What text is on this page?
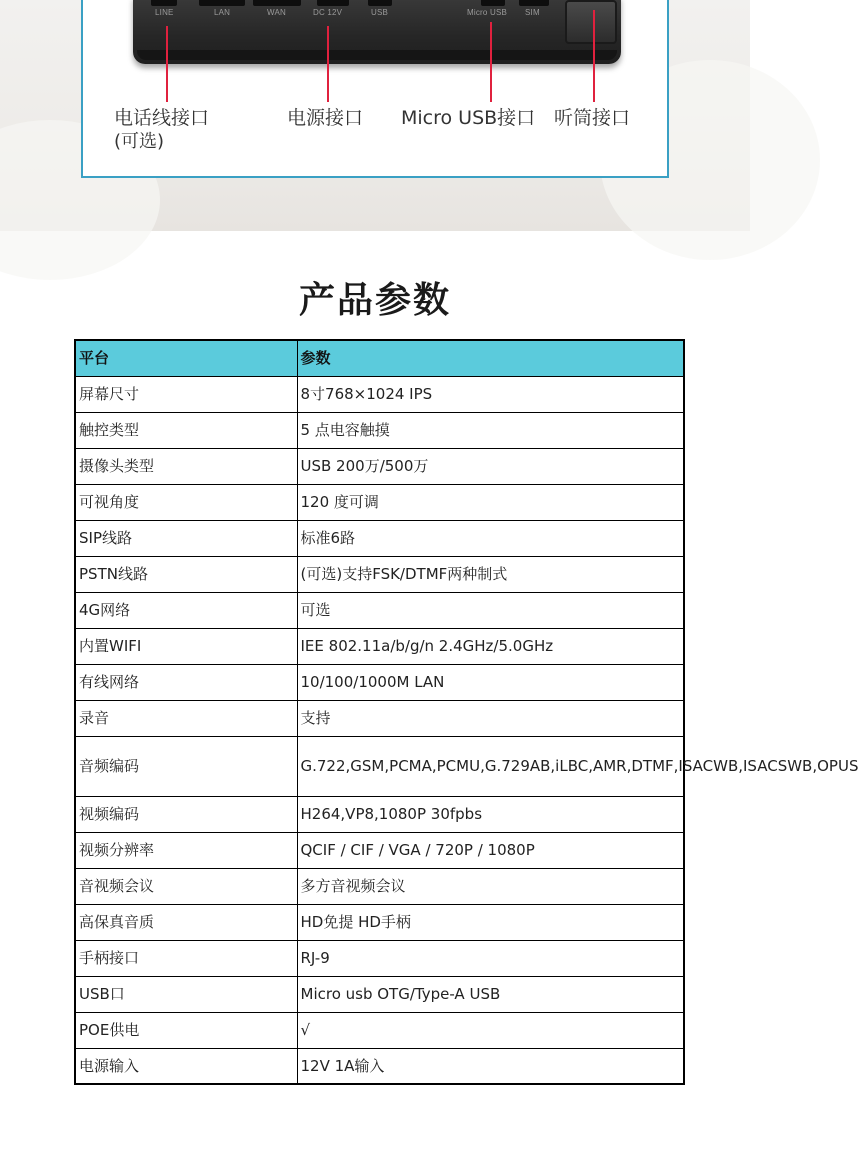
LINE	LAN	WAN	DC 12V	USB	Micro USB SIM
电话线接口
(可选)
电源接口 Micro USB接口 听筒接口
产品参数
平台	参数
屏幕尺寸	8寸768×1024 IPS
触控类型	5 点电容触摸
摄像头类型	USB 200万/500万
可视角度	120 度可调
SIP线路	标准6路
PSTN线路	(可选)支持FSK/DTMF两种制式
4G网络	可选
内置WIFI	IEE 802.11a/b/g/n 2.4GHz/5.0GHz
有线网络	10/100/1000M LAN
录音	支持
音频编码	G.722,GSM,PCMA,PCMU,G.729AB,iLBC,AMR,DTMF,ISACWB,ISACSWB,OPUS
视频编码	H264,VP8,1080P 30fpbs
视频分辨率	QCIF / CIF / VGA / 720P / 1080P
音视频会议	多方音视频会议
高保真音质	HD免提 HD手柄
手柄接口	RJ-9
USB口	Micro usb OTG/Type-A USB
POE供电	√
电源输入	12V 1A输入
